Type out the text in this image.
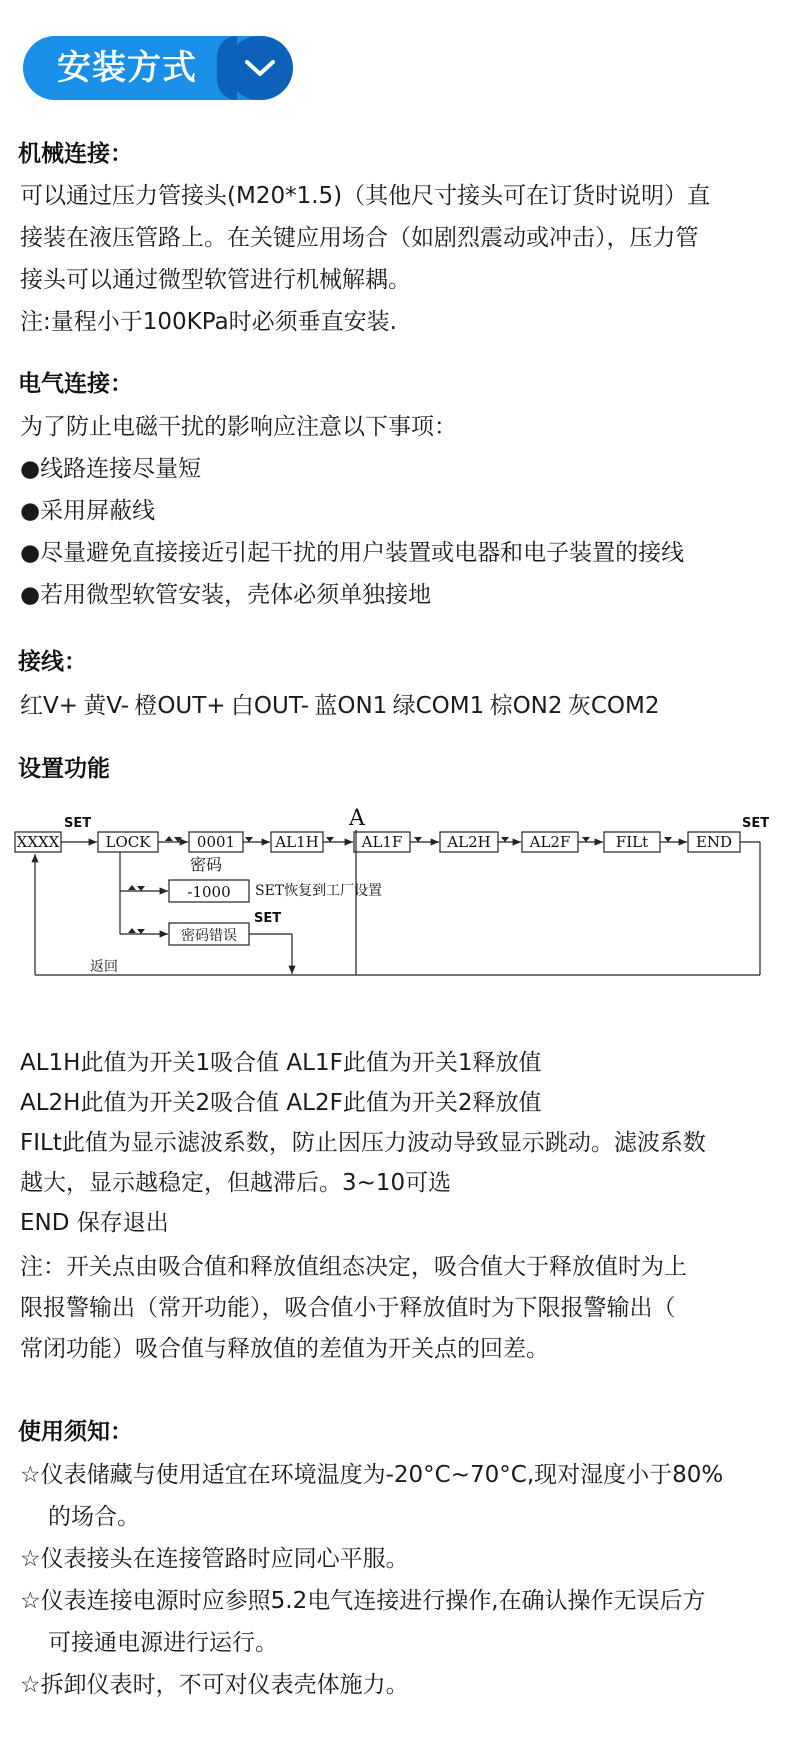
安装方式
机械连接：
可以通过压力管接头(M20*1.5)（其他尺寸接头可在订货时说明）直
接装在液压管路上。在关键应用场合（如剧烈震动或冲击），压力管
接头可以通过微型软管进行机械解耦。
注:量程小于100KPa时必须垂直安装.
电气连接：
为了防止电磁干扰的影响应注意以下事项：
●线路连接尽量短
●采用屏蔽线
●尽量避免直接接近引起干扰的用户装置或电器和电子装置的接线
●若用微型软管安装，壳体必须单独接地
接线：
红V+ 黄V- 橙OUT+ 白OUT- 蓝ON1 绿COM1 棕ON2 灰COM2
设置功能
XXXX	LOCK	0001	AL1H	AL1F	AL2H	AL2F	FILt	END
-1000
密码错误
密码
SET恢复到工厂设置
返回
A
SET	SET
SET
AL1H此值为开关1吸合值 AL1F此值为开关1释放值
AL2H此值为开关2吸合值 AL2F此值为开关2释放值
FILt此值为显示滤波系数，防止因压力波动导致显示跳动。滤波系数
越大，显示越稳定，但越滞后。3~10可选
END 保存退出
注：开关点由吸合值和释放值组态决定，吸合值大于释放值时为上
限报警输出（常开功能），吸合值小于释放值时为下限报警输出（
常闭功能）吸合值与释放值的差值为开关点的回差。
使用须知：
☆仪表储藏与使用适宜在环境温度为-20°C~70°C,现对湿度小于80%
的场合。
☆仪表接头在连接管路时应同心平服。
☆仪表连接电源时应参照5.2电气连接进行操作,在确认操作无误后方
可接通电源进行运行。
☆拆卸仪表时，不可对仪表壳体施力。
